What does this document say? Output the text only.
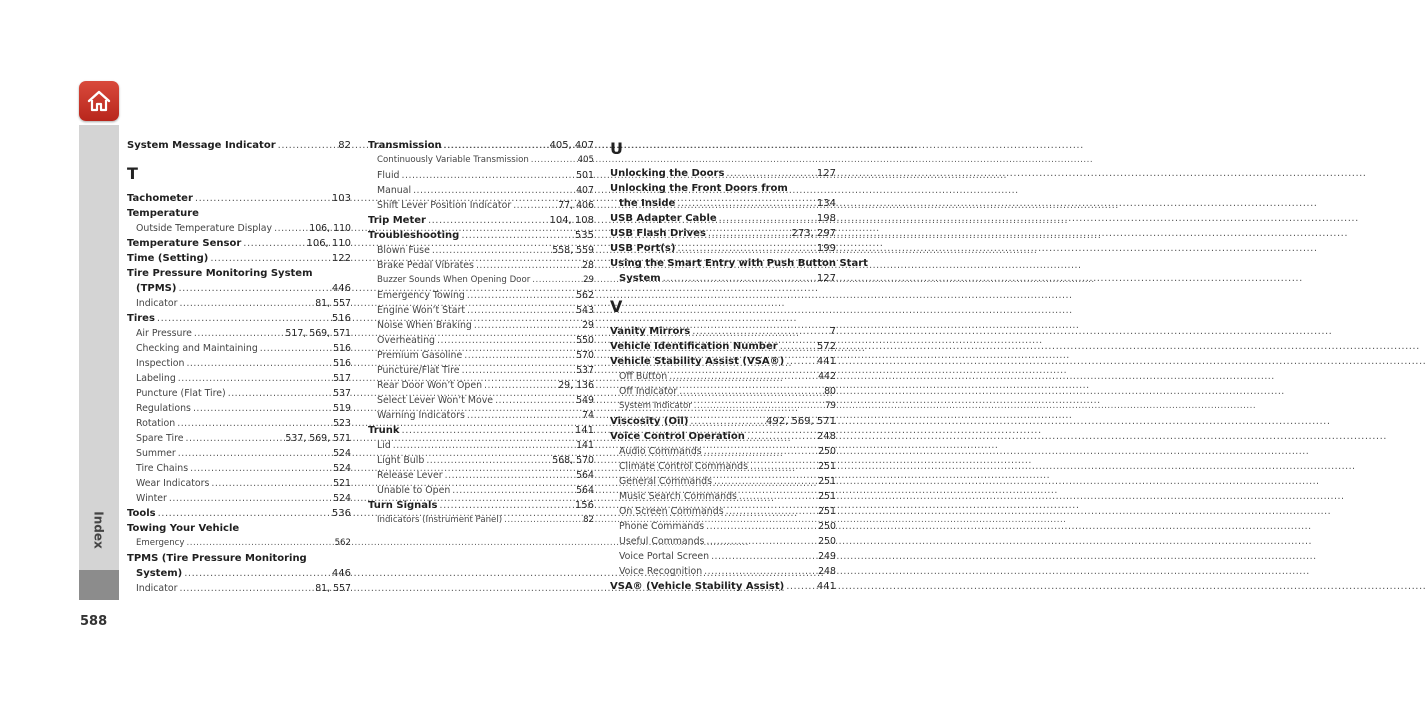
Index
588
System Message Indicator .....	82
T
Tachometer .....	103
Temperature
Outside Temperature Display .....	106, 110
Temperature Sensor .....	106, 110
Time (Setting) .....	122
Tire Pressure Monitoring System
(TPMS) .....	446
Indicator .....	81, 557
Tires .....	516
Air Pressure .....	517, 569, 571
Checking and Maintaining .....	516
Inspection .....	516
Labeling .....	517
Puncture (Flat Tire) .....	537
Regulations .....	519
Rotation .....	523
Spare Tire .....	537, 569, 571
Summer .....	524
Tire Chains .....	524
Wear Indicators .....	521
Winter .....	524
Tools .....	536
Towing Your Vehicle
Emergency .....	562
TPMS (Tire Pressure Monitoring
System) .....	446
Indicator .....	81, 557
Transmission .....	405, 407
Continuously Variable Transmission .....	405
Fluid .....	501
Manual .....	407
Shift Lever Position Indicator .....	77, 406
Trip Meter .....	104, 108
Troubleshooting .....	535
Blown Fuse .....	558, 559
Brake Pedal Vibrates .....	28
Buzzer Sounds When Opening Door .....	29
Emergency Towing .....	562
Engine Won’t Start .....	543
Noise When Braking .....	29
Overheating .....	550
Premium Gasoline .....	570
Puncture/Flat Tire .....	537
Rear Door Won’t Open .....	29, 136
Select Lever Won’t Move .....	549
Warning Indicators .....	74
Trunk .....	141
Lid .....	141
Light Bulb .....	568, 570
Release Lever .....	564
Unable to Open .....	564
Turn Signals .....	156
Indicators (Instrument Panel) .....	82
U
Unlocking the Doors .....	127
Unlocking the Front Doors from
the Inside .....	134
USB Adapter Cable .....	198
USB Flash Drives .....	273, 297
USB Port(s) .....	199
Using the Smart Entry with Push Button Start
System .....	127
V
Vanity Mirrors .....	7
Vehicle Identification Number .....	572
Vehicle Stability Assist (VSA®) .....	441
Off Button .....	442
Off Indicator .....	80
System Indicator .....	79
Viscosity (Oil) .....	492, 569, 571
Voice Control Operation .....	248
Audio Commands .....	250
Climate Control Commands .....	251
General Commands .....	251
Music Search Commands .....	251
On Screen Commands .....	251
Phone Commands .....	250
Useful Commands .....	250
Voice Portal Screen .....	249
Voice Recognition .....	248
VSA® (Vehicle Stability Assist) .....	441
